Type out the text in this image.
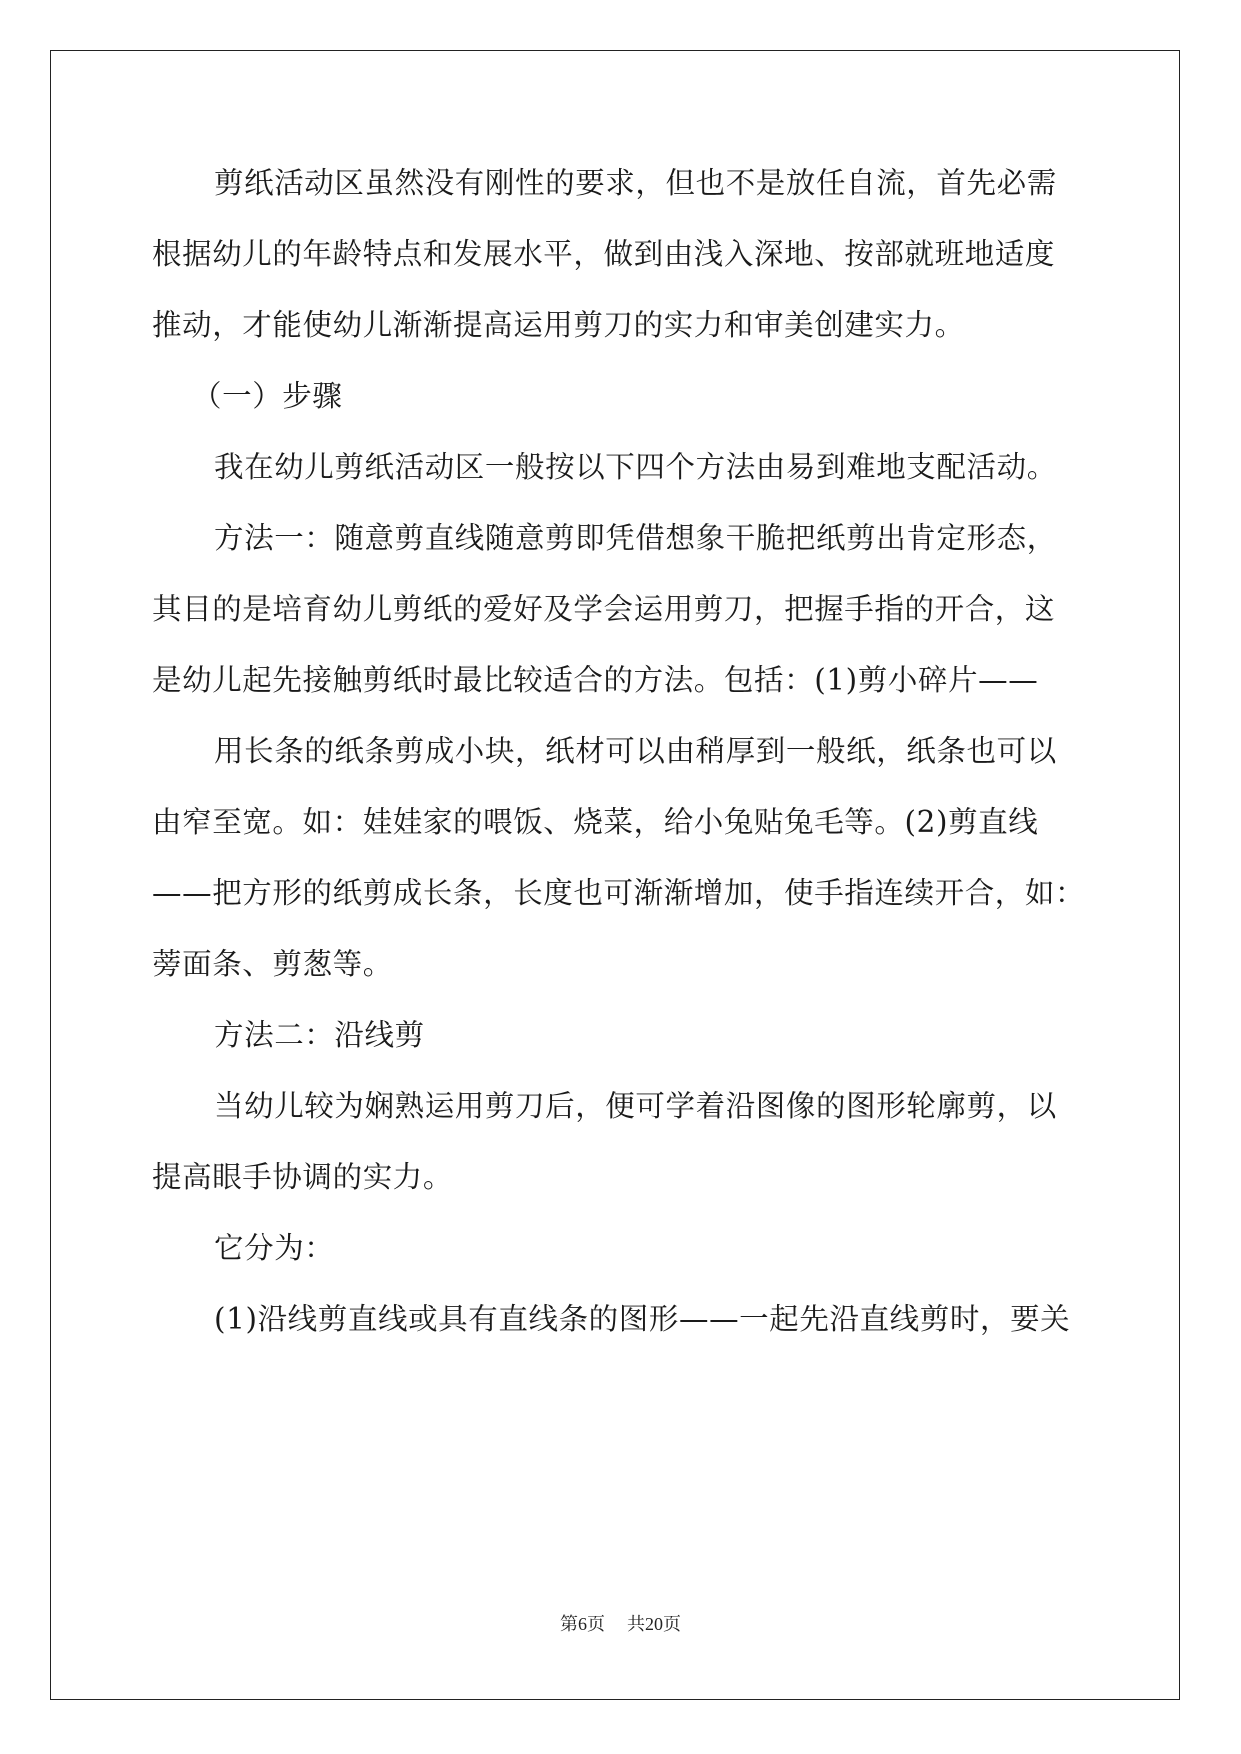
剪纸活动区虽然没有刚性的要求，但也不是放任自流，首先必需
根据幼儿的年龄特点和发展水平，做到由浅入深地、按部就班地适度
推动，才能使幼儿渐渐提高运用剪刀的实力和审美创建实力。
（一）步骤
我在幼儿剪纸活动区一般按以下四个方法由易到难地支配活动。
方法一：随意剪直线随意剪即凭借想象干脆把纸剪出肯定形态，
其目的是培育幼儿剪纸的爱好及学会运用剪刀，把握手指的开合，这
是幼儿起先接触剪纸时最比较适合的方法。包括：(1)剪小碎片——
用长条的纸条剪成小块，纸材可以由稍厚到一般纸，纸条也可以
由窄至宽。如：娃娃家的喂饭、烧菜，给小兔贴兔毛等。(2)剪直线
——把方形的纸剪成长条，长度也可渐渐增加，使手指连续开合，如：
蒡面条、剪葱等。
方法二：沿线剪
当幼儿较为娴熟运用剪刀后，便可学着沿图像的图形轮廓剪，以
提高眼手协调的实力。
它分为：
(1)沿线剪直线或具有直线条的图形——一起先沿直线剪时，要关
第6页 共20页
